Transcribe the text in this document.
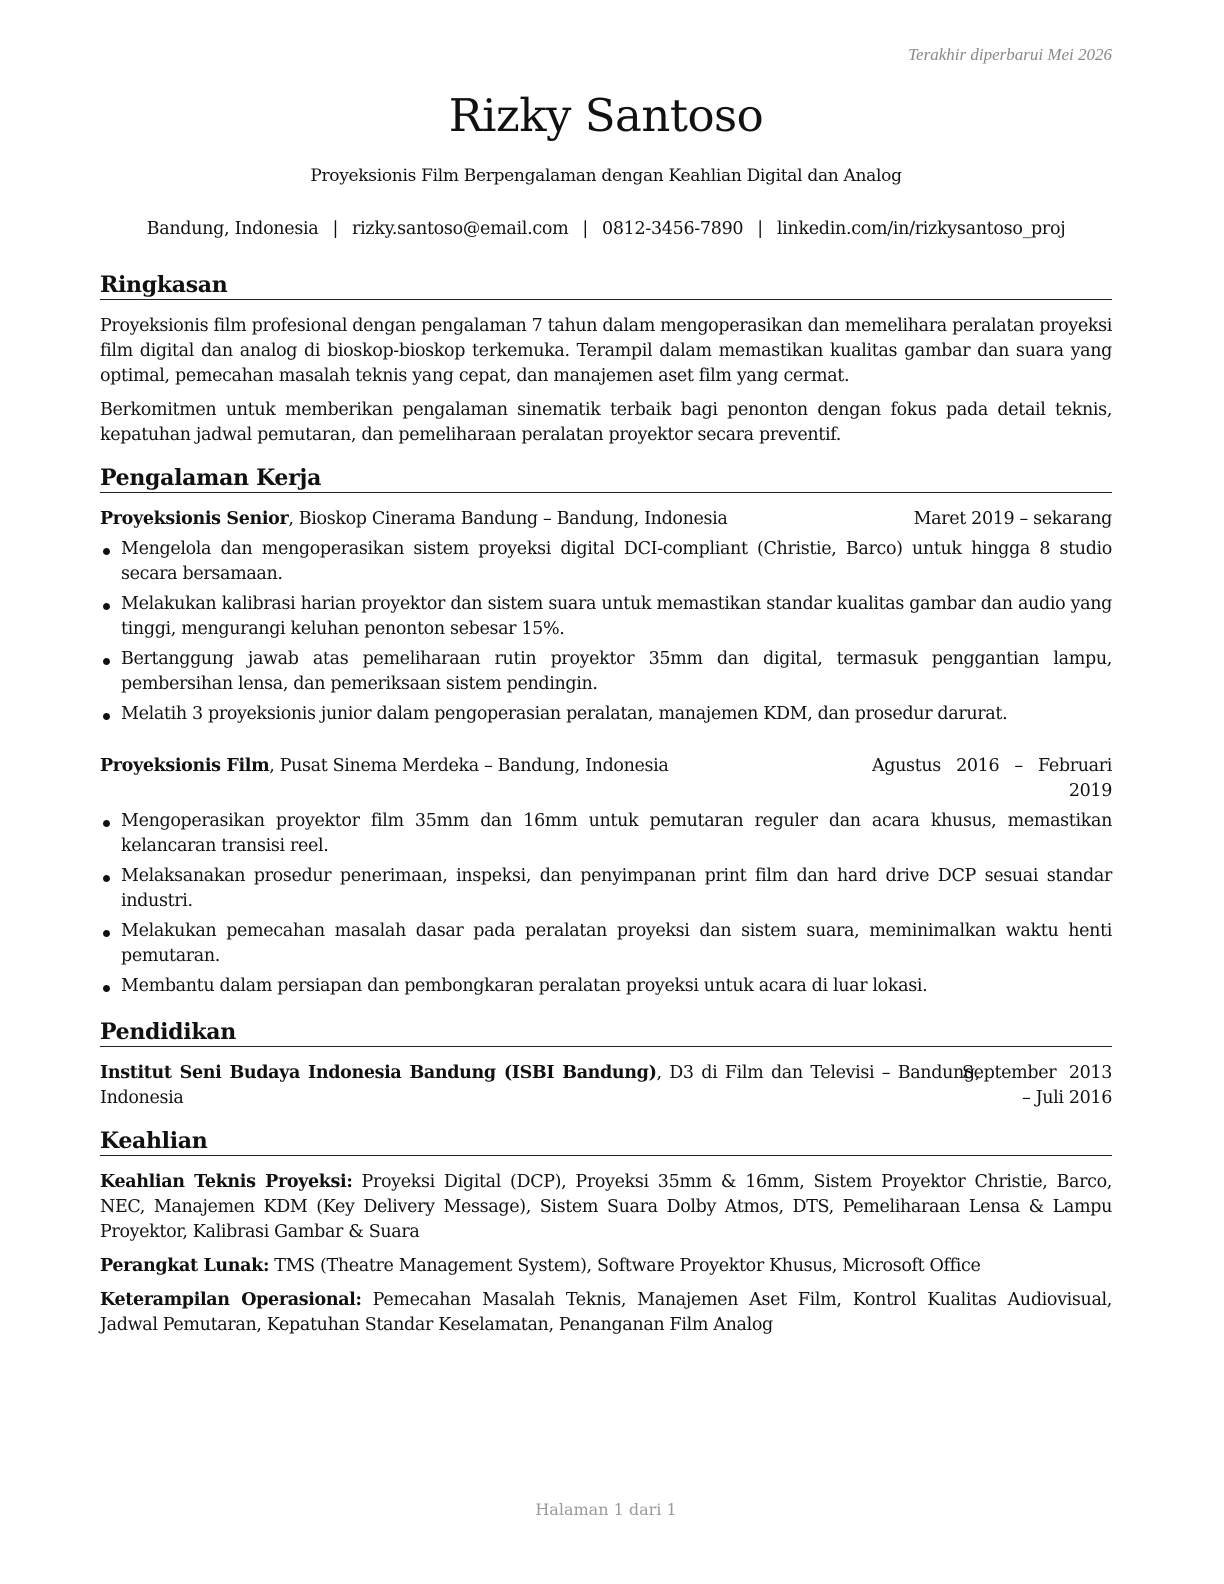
Terakhir diperbarui Mei 2026
Rizky Santoso
Proyeksionis Film Berpengalaman dengan Keahlian Digital dan Analog
Bandung, Indonesia | rizky.santoso@email.com | 0812-3456-7890 | linkedin.com/in/rizkysantoso_proj
Ringkasan
Proyeksionis film profesional dengan pengalaman 7 tahun dalam mengoperasikan dan memelihara peralatan proyeksi film digital dan analog di bioskop-bioskop terkemuka. Terampil dalam memastikan kualitas gambar dan suara yang optimal, pemecahan masalah teknis yang cepat, dan manajemen aset film yang cermat.
Berkomitmen untuk memberikan pengalaman sinematik terbaik bagi penonton dengan fokus pada detail teknis, kepatuhan jadwal pemutaran, dan pemeliharaan peralatan proyektor secara preventif.
Pengalaman Kerja
Proyeksionis Senior, Bioskop Cinerama Bandung – Bandung, Indonesia	Maret 2019 – sekarang
Mengelola dan mengoperasikan sistem proyeksi digital DCI-compliant (Christie, Barco) untuk hingga 8 studio secara bersamaan.
Melakukan kalibrasi harian proyektor dan sistem suara untuk memastikan standar kualitas gambar dan audio yang tinggi, mengurangi keluhan penonton sebesar 15%.
Bertanggung jawab atas pemeliharaan rutin proyektor 35mm dan digital, termasuk penggantian lampu, pembersihan lensa, dan pemeriksaan sistem pendingin.
Melatih 3 proyeksionis junior dalam pengoperasian peralatan, manajemen KDM, dan prosedur darurat.
Proyeksionis Film, Pusat Sinema Merdeka – Bandung, Indonesia	Agustus 2016 – Februari 2019
Mengoperasikan proyektor film 35mm dan 16mm untuk pemutaran reguler dan acara khusus, memastikan kelancaran transisi reel.
Melaksanakan prosedur penerimaan, inspeksi, dan penyimpanan print film dan hard drive DCP sesuai standar industri.
Melakukan pemecahan masalah dasar pada peralatan proyeksi dan sistem suara, meminimalkan waktu henti pemutaran.
Membantu dalam persiapan dan pembongkaran peralatan proyeksi untuk acara di luar lokasi.
Pendidikan
Institut Seni Budaya Indonesia Bandung (ISBI Bandung), D3 di Film dan Televisi – Bandung, Indonesia
September 2013 – Juli 2016
Keahlian
Keahlian Teknis Proyeksi: Proyeksi Digital (DCP), Proyeksi 35mm & 16mm, Sistem Proyektor Christie, Barco, NEC, Manajemen KDM (Key Delivery Message), Sistem Suara Dolby Atmos, DTS, Pemeliharaan Lensa & Lampu Proyektor, Kalibrasi Gambar & Suara
Perangkat Lunak: TMS (Theatre Management System), Software Proyektor Khusus, Microsoft Office
Keterampilan Operasional: Pemecahan Masalah Teknis, Manajemen Aset Film, Kontrol Kualitas Audiovisual, Jadwal Pemutaran, Kepatuhan Standar Keselamatan, Penanganan Film Analog
Halaman 1 dari 1
